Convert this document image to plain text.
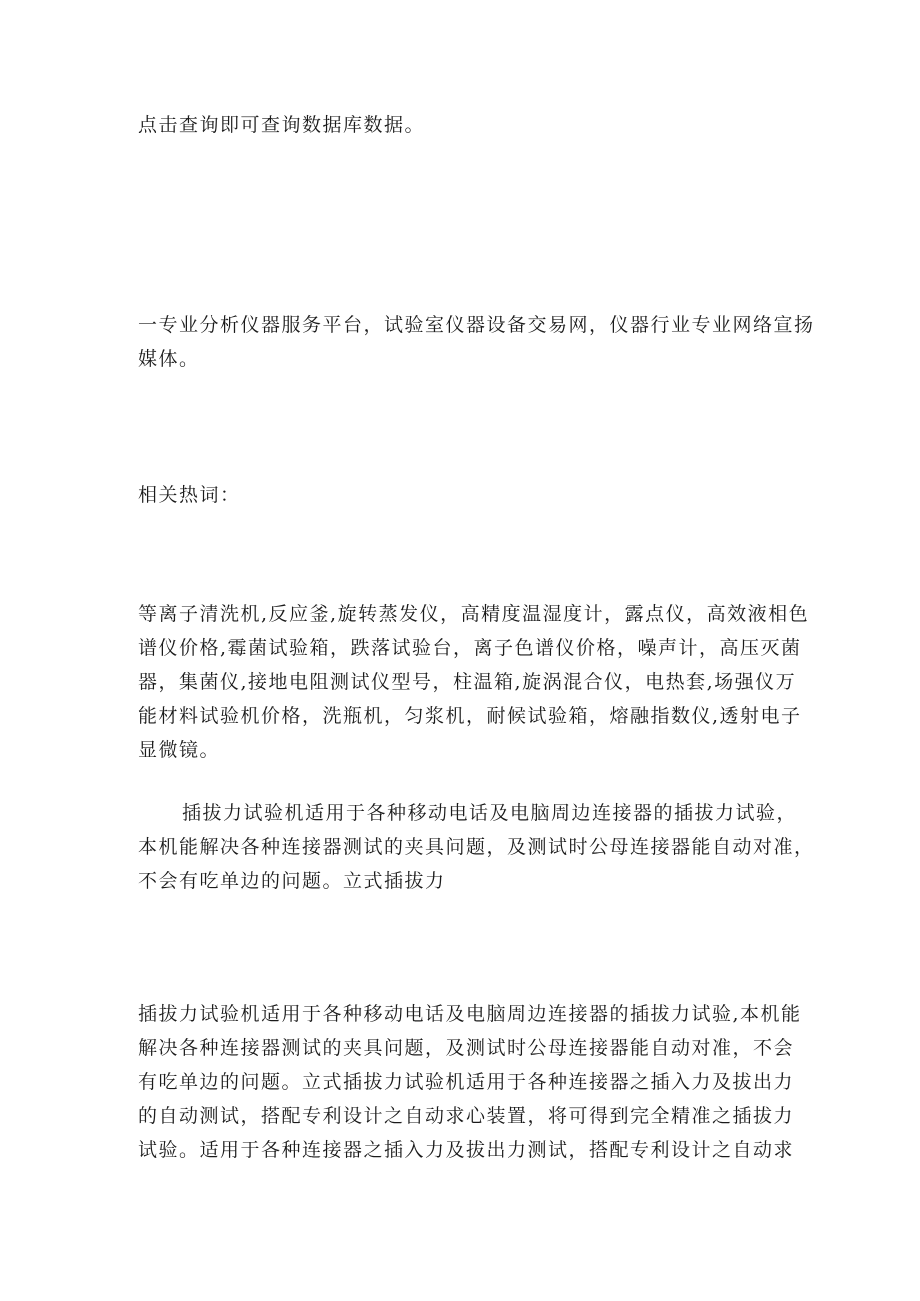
点击查询即可查询数据库数据。

一专业分析仪器服务平台，试验室仪器设备交易网，仪器行业专业网络宣扬
媒体。

相关热词：

等离子清洗机,反应釜,旋转蒸发仪，高精度温湿度计，露点仪，高效液相色
谱仪价格,霉菌试验箱，跌落试验台，离子色谱仪价格，噪声计，高压灭菌
器，集菌仪,接地电阻测试仪型号，柱温箱,旋涡混合仪，电热套,场强仪万
能材料试验机价格，洗瓶机，匀浆机，耐候试验箱，熔融指数仪,透射电子
显微镜。

插拔力试验机适用于各种移动电话及电脑周边连接器的插拔力试验，
本机能解决各种连接器测试的夹具问题，及测试时公母连接器能自动对准，
不会有吃单边的问题。立式插拔力

插拔力试验机适用于各种移动电话及电脑周边连接器的插拔力试验,本机能
解决各种连接器测试的夹具问题，及测试时公母连接器能自动对准，不会
有吃单边的问题。立式插拔力试验机适用于各种连接器之插入力及拔出力
的自动测试，搭配专利设计之自动求心装置，将可得到完全精准之插拔力
试验。适用于各种连接器之插入力及拔出力测试，搭配专利设计之自动求
